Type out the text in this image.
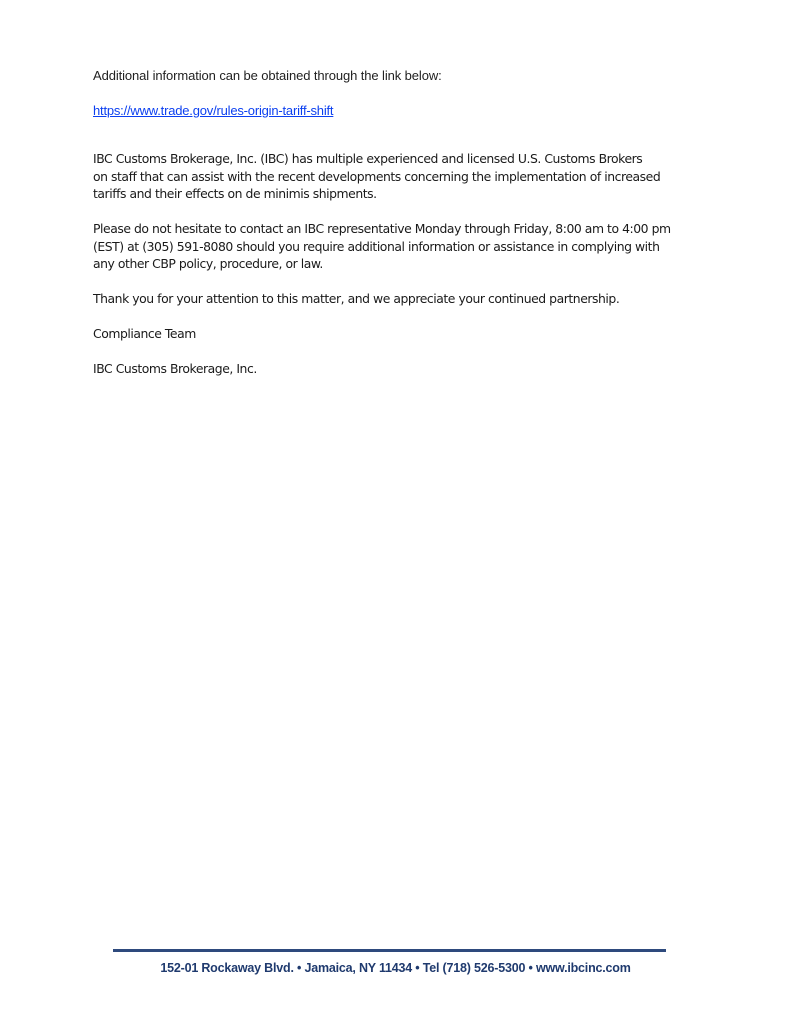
Additional information can be obtained through the link below:
https://www.trade.gov/rules-origin-tariff-shift

IBC Customs Brokerage, Inc. (IBC) has multiple experienced and licensed U.S. Customs Brokers
on staff that can assist with the recent developments concerning the implementation of increased
tariffs and their effects on de minimis shipments.

Please do not hesitate to contact an IBC representative Monday through Friday, 8:00 am to 4:00 pm
(EST) at (305) 591-8080 should you require additional information or assistance in complying with
any other CBP policy, procedure, or law.

Thank you for your attention to this matter, and we appreciate your continued partnership.

Compliance Team

IBC Customs Brokerage, Inc.

152-01 Rockaway Blvd. • Jamaica, NY 11434 • Tel (718) 526-5300 • www.ibcinc.com
